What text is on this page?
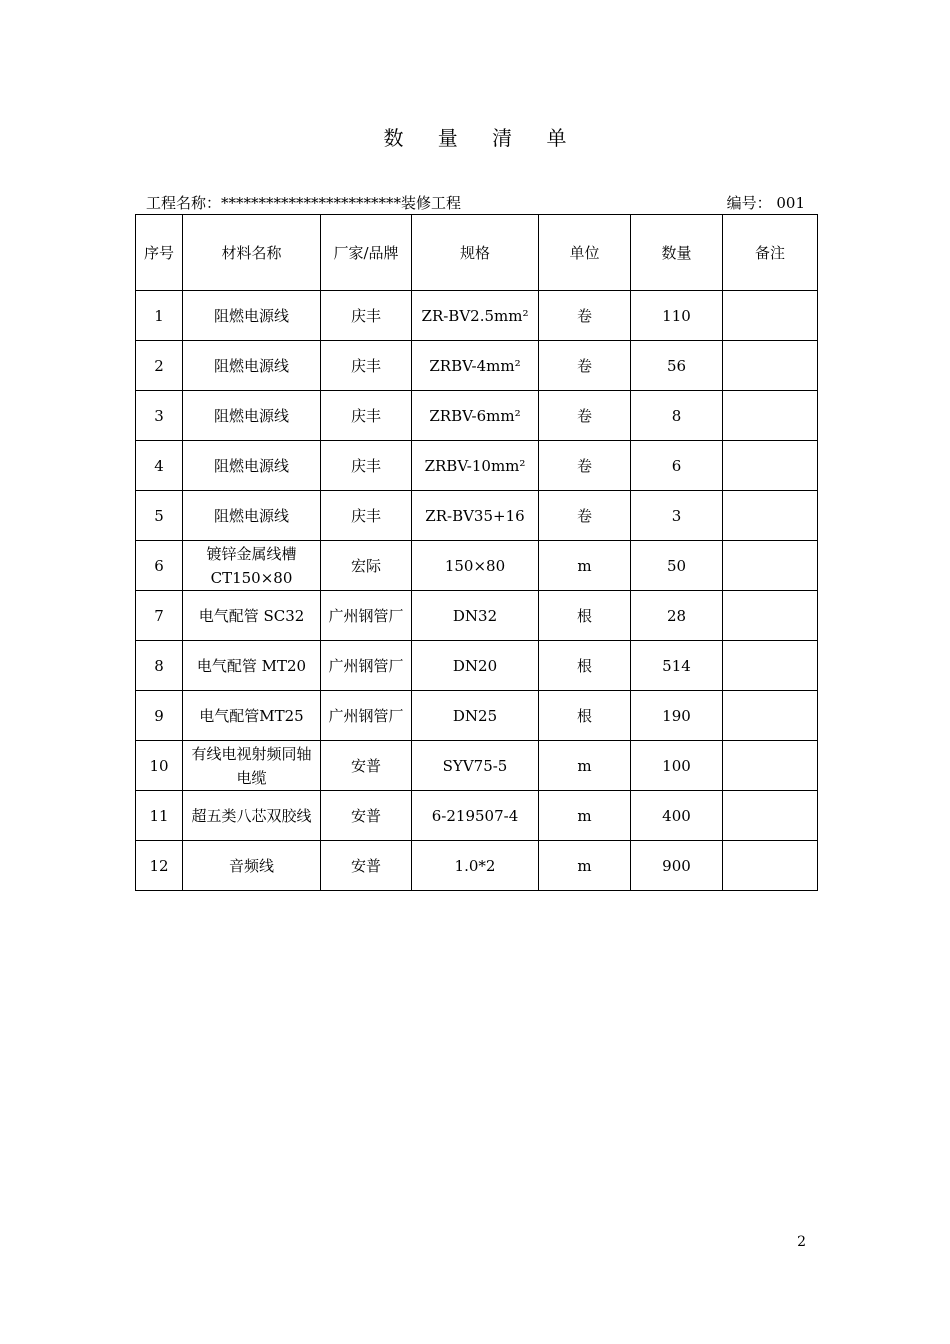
数 量 清 单
工程名称：************************装修工程	编号： 001
序号	材料名称	厂家/品牌	规格	单位	数量	备注
1	阻燃电源线	庆丰	ZR-BV2.5mm²	卷	110	
2	阻燃电源线	庆丰	ZRBV-4mm²	卷	56	
3	阻燃电源线	庆丰	ZRBV-6mm²	卷	8	
4	阻燃电源线	庆丰	ZRBV-10mm²	卷	6	
5	阻燃电源线	庆丰	ZR-BV35+16	卷	3	
6	镀锌金属线槽CT150×80	宏际	150×80	m	50	
7	电气配管 SC32	广州钢管厂	DN32	根	28	
8	电气配管 MT20	广州钢管厂	DN20	根	514	
9	电气配管MT25	广州钢管厂	DN25	根	190	
10	有线电视射频同轴电缆	安普	SYV75-5	m	100	
11	超五类八芯双胶线	安普	6-219507-4	m	400	
12	音频线	安普	1.0*2	m	900	
2
